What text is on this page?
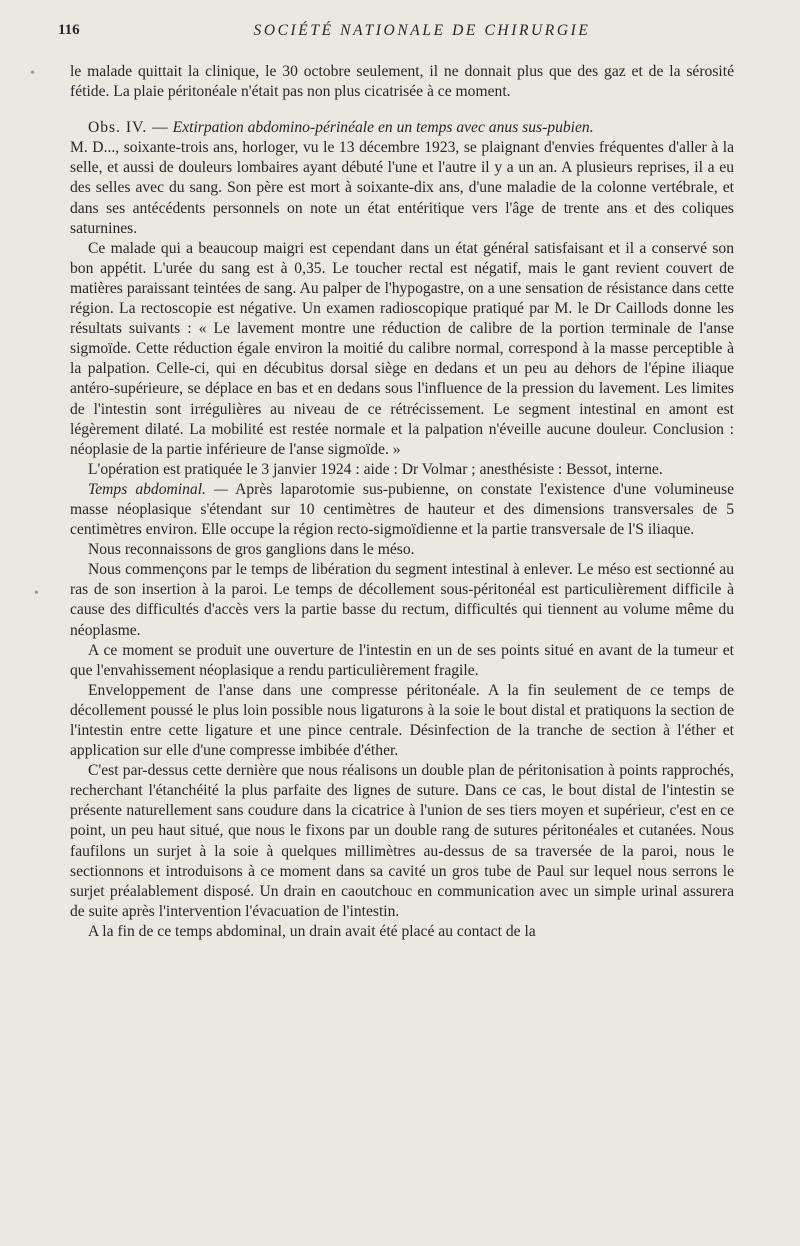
•
•
116	SOCIÉTÉ NATIONALE DE CHIRURGIE

le malade quittait la clinique, le 30 octobre seulement, il ne donnait plus que des gaz et de la sérosité fétide. La plaie péritonéale n'était pas non plus cicatrisée à ce moment.

Obs. IV. — Extirpation abdomino-périnéale en un temps avec anus sus-pubien.
M. D..., soixante-trois ans, horloger, vu le 13 décembre 1923, se plaignant d'envies fréquentes d'aller à la selle, et aussi de douleurs lombaires ayant débuté l'une et l'autre il y a un an. A plusieurs reprises, il a eu des selles avec du sang. Son père est mort à soixante-dix ans, d'une maladie de la colonne vertébrale, et dans ses antécédents personnels on note un état entéritique vers l'âge de trente ans et des coliques saturnines.

Ce malade qui a beaucoup maigri est cependant dans un état général satisfaisant et il a conservé son bon appétit. L'urée du sang est à 0,35. Le toucher rectal est négatif, mais le gant revient couvert de matières paraissant teintées de sang. Au palper de l'hypogastre, on a une sensation de résistance dans cette région. La rectoscopie est négative. Un examen radioscopique pratiqué par M. le Dr Caillods donne les résultats suivants : « Le lavement montre une réduction de calibre de la portion terminale de l'anse sigmoïde. Cette réduction égale environ la moitié du calibre normal, correspond à la masse perceptible à la palpation. Celle-ci, qui en décubitus dorsal siège en dedans et un peu au dehors de l'épine iliaque antéro-supérieure, se déplace en bas et en dedans sous l'influence de la pression du lavement. Les limites de l'intestin sont irrégulières au niveau de ce rétrécissement. Le segment intestinal en amont est légèrement dilaté. La mobilité est restée normale et la palpation n'éveille aucune douleur. Conclusion : néoplasie de la partie inférieure de l'anse sigmoïde. »

L'opération est pratiquée le 3 janvier 1924 : aide : Dr Volmar ; anesthésiste : Bessot, interne.

Temps abdominal. — Après laparotomie sus-pubienne, on constate l'existence d'une volumineuse masse néoplasique s'étendant sur 10 centimètres de hauteur et des dimensions transversales de 5 centimètres environ. Elle occupe la région recto-sigmoïdienne et la partie transversale de l'S iliaque.

Nous reconnaissons de gros ganglions dans le méso.

Nous commençons par le temps de libération du segment intestinal à enlever. Le méso est sectionné au ras de son insertion à la paroi. Le temps de décollement sous-péritonéal est particulièrement difficile à cause des difficultés d'accès vers la partie basse du rectum, difficultés qui tiennent au volume même du néoplasme.

A ce moment se produit une ouverture de l'intestin en un de ses points situé en avant de la tumeur et que l'envahissement néoplasique a rendu particulièrement fragile.

Enveloppement de l'anse dans une compresse péritonéale. A la fin seulement de ce temps de décollement poussé le plus loin possible nous ligaturons à la soie le bout distal et pratiquons la section de l'intestin entre cette ligature et une pince centrale. Désinfection de la tranche de section à l'éther et application sur elle d'une compresse imbibée d'éther.

C'est par-dessus cette dernière que nous réalisons un double plan de péritonisation à points rapprochés, recherchant l'étanchéité la plus parfaite des lignes de suture. Dans ce cas, le bout distal de l'intestin se présente naturellement sans coudure dans la cicatrice à l'union de ses tiers moyen et supérieur, c'est en ce point, un peu haut situé, que nous le fixons par un double rang de sutures péritonéales et cutanées. Nous faufilons un surjet à la soie à quelques millimètres au-dessus de sa traversée de la paroi, nous le sectionnons et introduisons à ce moment dans sa cavité un gros tube de Paul sur lequel nous serrons le surjet préalablement disposé. Un drain en caoutchouc en communication avec un simple urinal assurera de suite après l'intervention l'évacuation de l'intestin.

A la fin de ce temps abdominal, un drain avait été placé au contact de la
